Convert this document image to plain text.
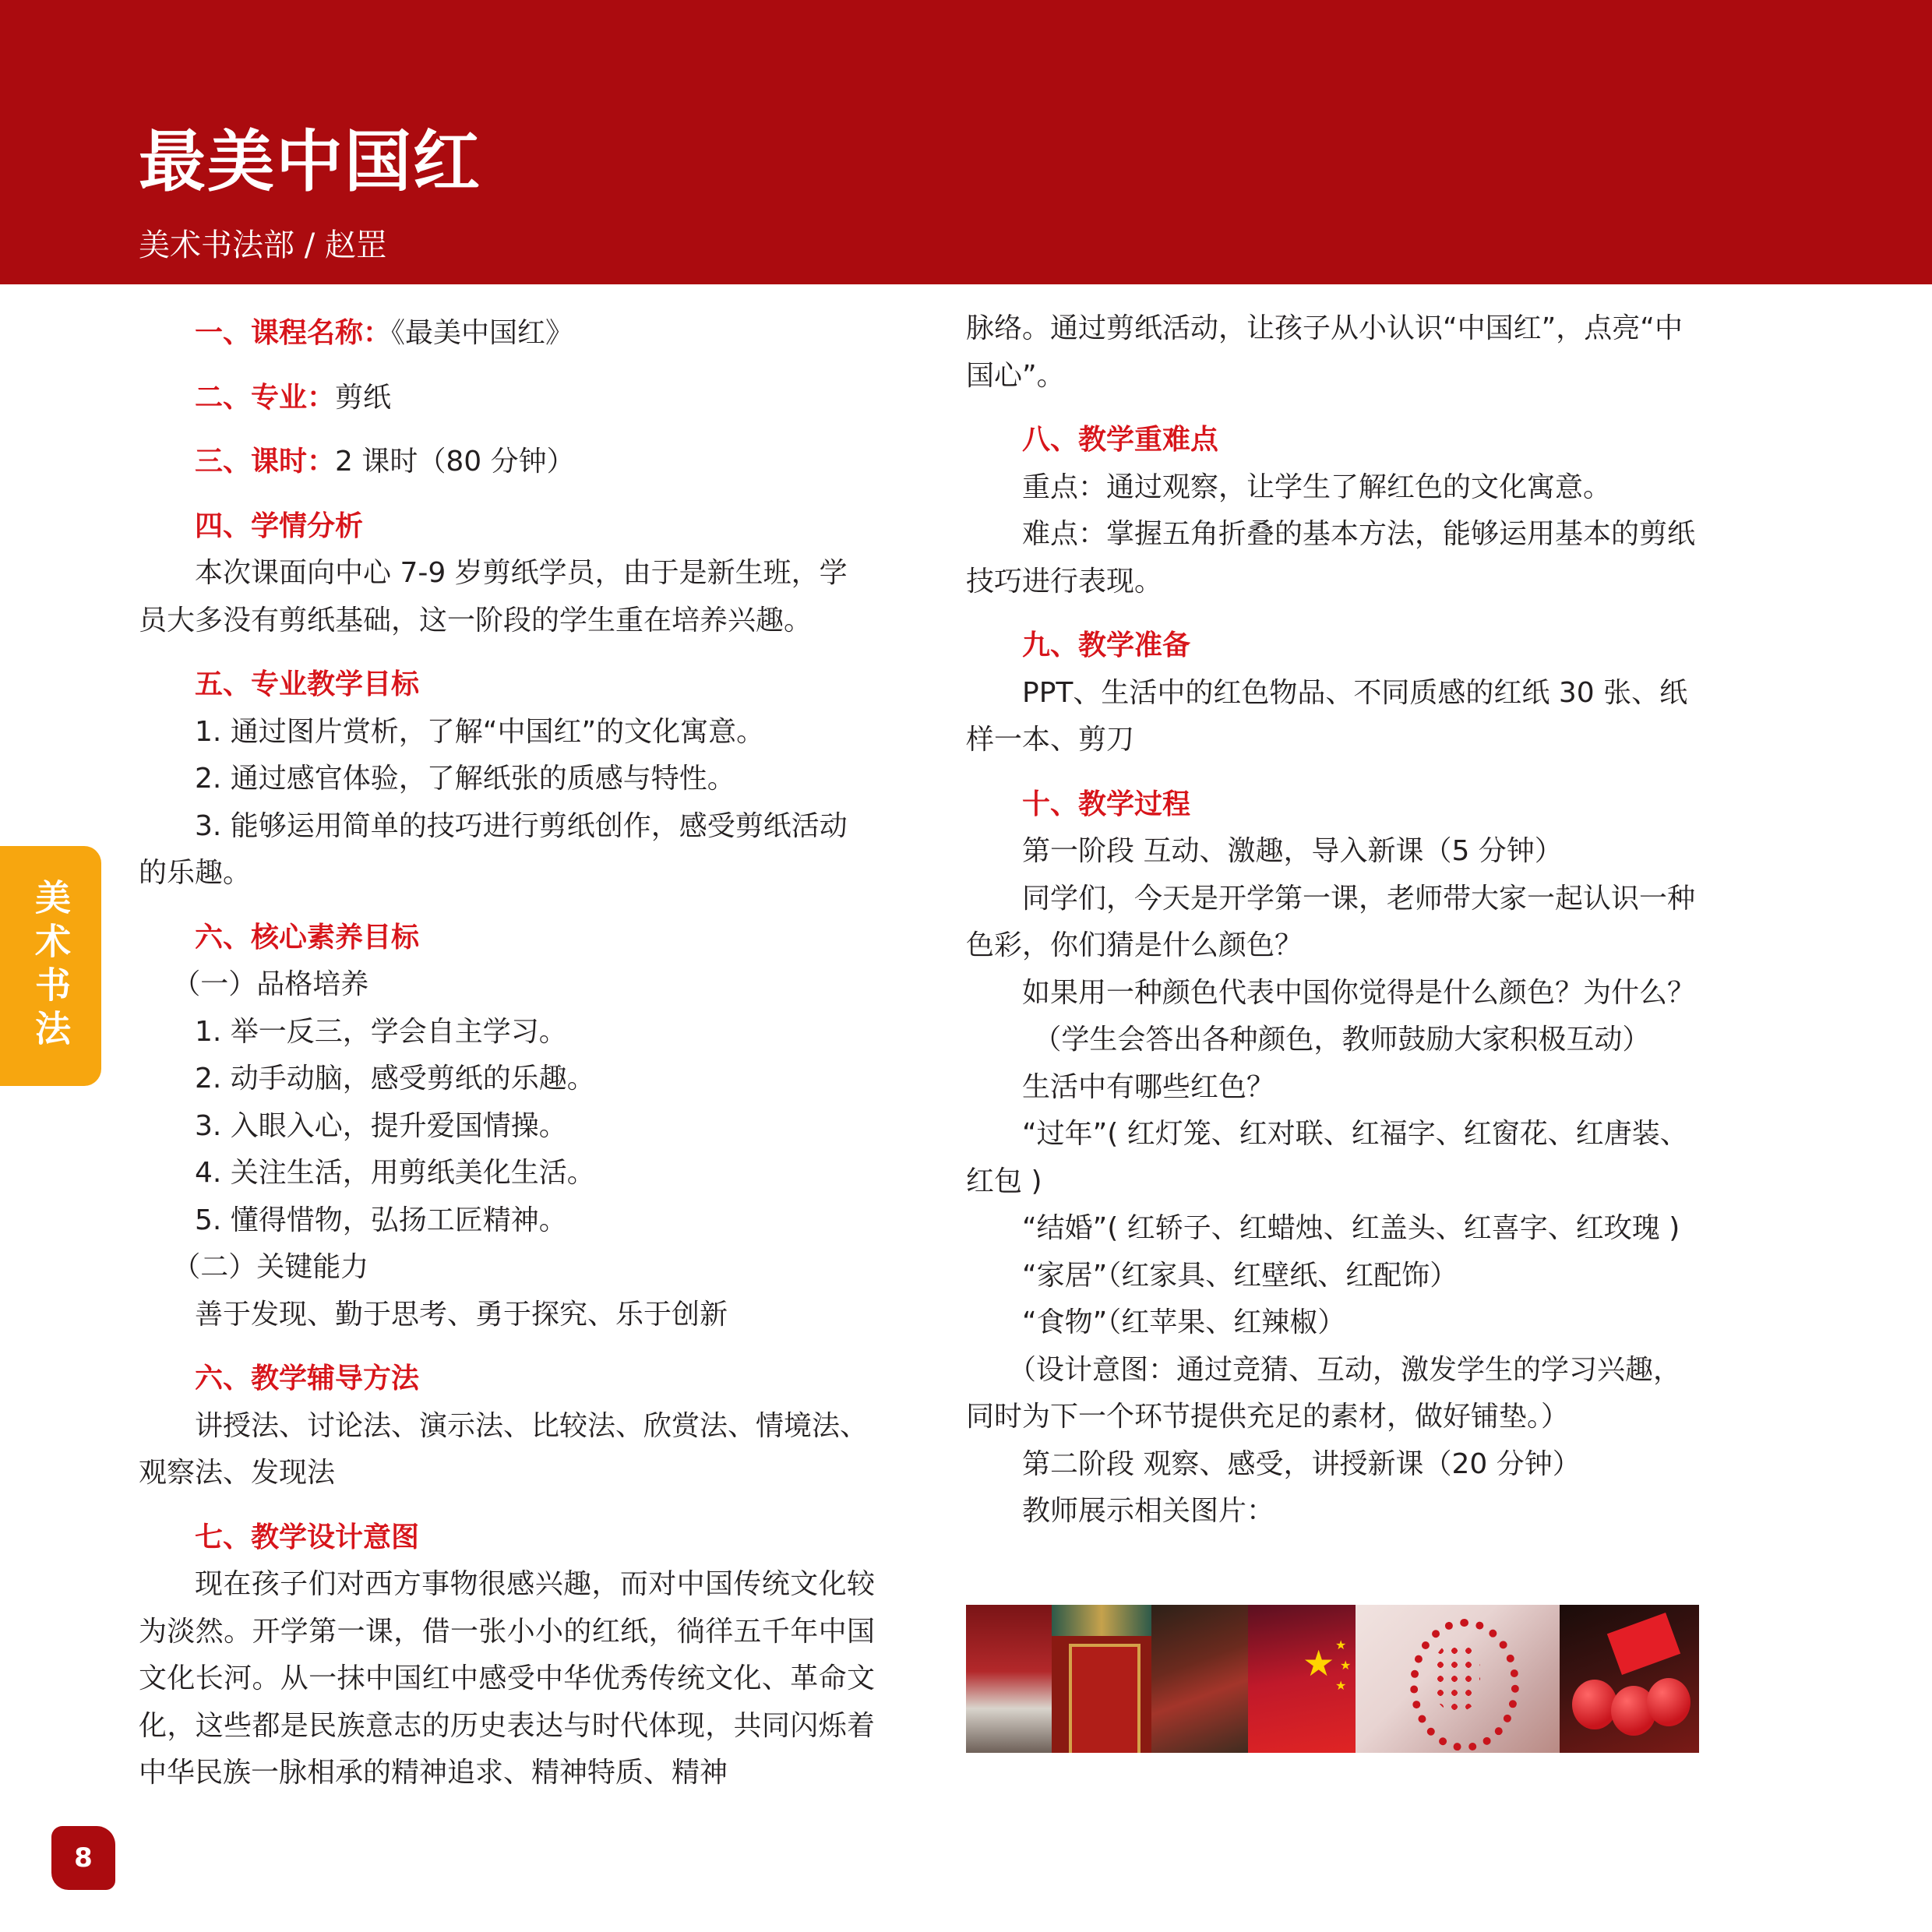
最美中国红
美术书法部 / 赵罡

一、课程名称：《最美中国红》

二、专业：剪纸

三、课时：2 课时（80 分钟）

四、学情分析

本次课面向中心 7-9 岁剪纸学员，由于是新生班，学员大多没有剪纸基础，这一阶段的学生重在培养兴趣。

五、专业教学目标

1. 通过图片赏析，了解“中国红”的文化寓意。

2. 通过感官体验，了解纸张的质感与特性。

3. 能够运用简单的技巧进行剪纸创作，感受剪纸活动的乐趣。

六、核心素养目标

（一）品格培养

1. 举一反三，学会自主学习。

2. 动手动脑，感受剪纸的乐趣。

3. 入眼入心，提升爱国情操。

4. 关注生活，用剪纸美化生活。

5. 懂得惜物，弘扬工匠精神。

（二）关键能力

善于发现、勤于思考、勇于探究、乐于创新

六、教学辅导方法

讲授法、讨论法、演示法、比较法、欣赏法、情境法、观察法、发现法

七、教学设计意图

现在孩子们对西方事物很感兴趣，而对中国传统文化较为淡然。开学第一课，借一张小小的红纸，徜徉五千年中国文化长河。从一抹中国红中感受中华优秀传统文化、革命文化，这些都是民族意志的历史表达与时代体现，共同闪烁着中华民族一脉相承的精神追求、精神特质、精神

脉络。通过剪纸活动，让孩子从小认识“中国红”，点亮“中国心”。

八、教学重难点

重点：通过观察，让学生了解红色的文化寓意。

难点：掌握五角折叠的基本方法，能够运用基本的剪纸技巧进行表现。

九、教学准备

PPT、生活中的红色物品、不同质感的红纸 30 张、纸样一本、剪刀

十、教学过程

第一阶段 互动、激趣，导入新课（5 分钟）

同学们，今天是开学第一课，老师带大家一起认识一种色彩，你们猜是什么颜色？

如果用一种颜色代表中国你觉得是什么颜色？为什么？

（学生会答出各种颜色，教师鼓励大家积极互动）

生活中有哪些红色？

“过年”( 红灯笼、红对联、红福字、红窗花、红唐装、红包 )

“结婚”( 红轿子、红蜡烛、红盖头、红喜字、红玫瑰 )

“家居”（红家具、红壁纸、红配饰）

“食物”（红苹果、红辣椒）

（设计意图：通过竞猜、互动，激发学生的学习兴趣，同时为下一个环节提供充足的素材，做好铺垫。）

第二阶段 观察、感受，讲授新课（20 分钟）

教师展示相关图片：

★ ★
★
★
美术书法
8
